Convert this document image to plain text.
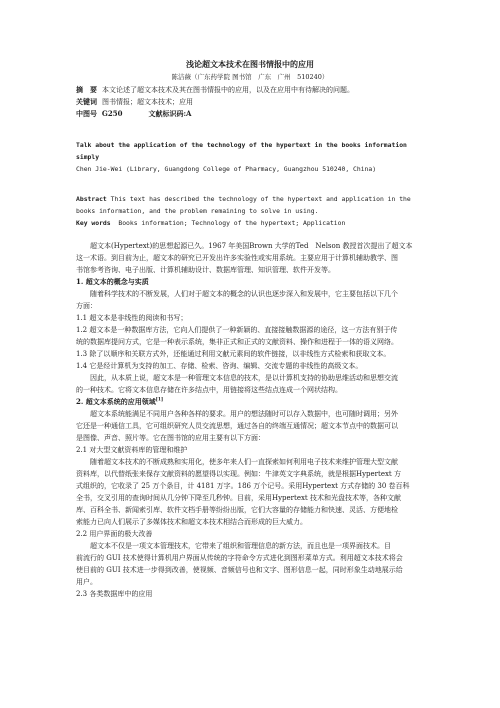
浅论超文本技术在图书情报中的应用
陈洁薇（广东药学院 图书馆　广东　广州　510240）
摘　要 本文论述了超文本技术及其在图书情报中的应用，以及在应用中有待解决的问题。
关键词 图书情报；超文本技术；应用
中图号 G250	文献标识码:A
Talk about the application of the technology of the hypertext in the books information
simply
Chen Jie-Wei (Library, Guangdong College of Pharmacy, Guangzhou 510240, China)
Abstract This text has described the technology of the hypertext and application in the
books information, and the problem remaining to solve in using.
Key words Books information; Technology of the hypertext; Application
超文本(Hypertext)的思想起源已久。1967 年美国Brown 大学的Ted　Nelson 教授首次提出了超文本
这一术语。到目前为止，超文本的研究已开发出许多实验性或实用系统。主要应用于计算机辅助教学、图
书馆参考咨询、电子出版、计算机辅助设计、数据库管理、知识管理、软件开发等。
1. 超文本的概念与实质
随着科学技术的不断发展，人们对于超文本的概念的认识也逐步深入和发展中，它主要包括以下几个
方面：
1.1 超文本是非线性的阅读和书写；
1.2 超文本是一种数据库方法，它向人们提供了一种新颖的、直接接触数据源的途径，这一方法有别于传
统的数据库提问方式，它是一种表示系统，集非正式和正式的文献资料、操作和进程于一体的语义网络。
1.3 除了以顺序和关联方式外，还能通过利用文献元素间的软件链接，以非线性方式检索和获取文本。
1.4 它是经计算机为支持的加工、存储、检索、咨询、编辑、交流专题的非线性的高级文本。
因此，从本质上说，超文本是一种管理文本信息的技术，是以计算机支持的协助思维活动和思想交流
的一种技术。它将文本信息存储在许多结点中，用链接将这些结点连成一个网状结构。
2. 超文本系统的应用领域[1]
超文本系统能满足不同用户各种各样的要求。用户的想法随时可以存入数据中，也可随时调用；另外
它还是一种通信工具，它可组织研究人员交流思想，通过各自的终端互通情况；超文本节点中的数据可以
是图像、声音、照片等。它在图书馆的应用主要有以下方面：
2.1 对大型文献资料库的管理和维护
随着超文本技术的不断成熟和实用化，使多年来人们一直探索如何利用电子技术来维护管理大型文献
资料库，以代替纸张来保存文献资料的愿望得以实现。例如：牛津英文字典系统，就是根据Hypertext 方
式组织的，它收录了 25 万个条目，计 4181 万字。186 万个记号。采用Hypertext 方式存储的 30 卷百科
全书，交叉引用的查询时间从几分钟下降至几秒钟。目前，采用Hypertext 技术和光盘技术等，各种文献
库、百科全书、新闻索引库、软件文档手册等纷纷出版，它们大容量的存储能力和快速、灵活、方便地检
索能力已向人们展示了多媒体技术和超文本技术相结合而形成的巨大威力。
2.2 用户界面的极大改善
超文本不仅是一项文本管理技术，它带来了组织和管理信息的新方法，而且也是一项界面技术。目
前流行的 GUI 技术使得计算机用户界面从传统的字符命令方式进化到图形菜单方式。利用超文本技术将会
使目前的 GUI 技术进一步得到改善，使视频、音频信号也和文字、图形信息一起，同时形象生动地展示给
用户。
2.3 各类数据库中的应用
